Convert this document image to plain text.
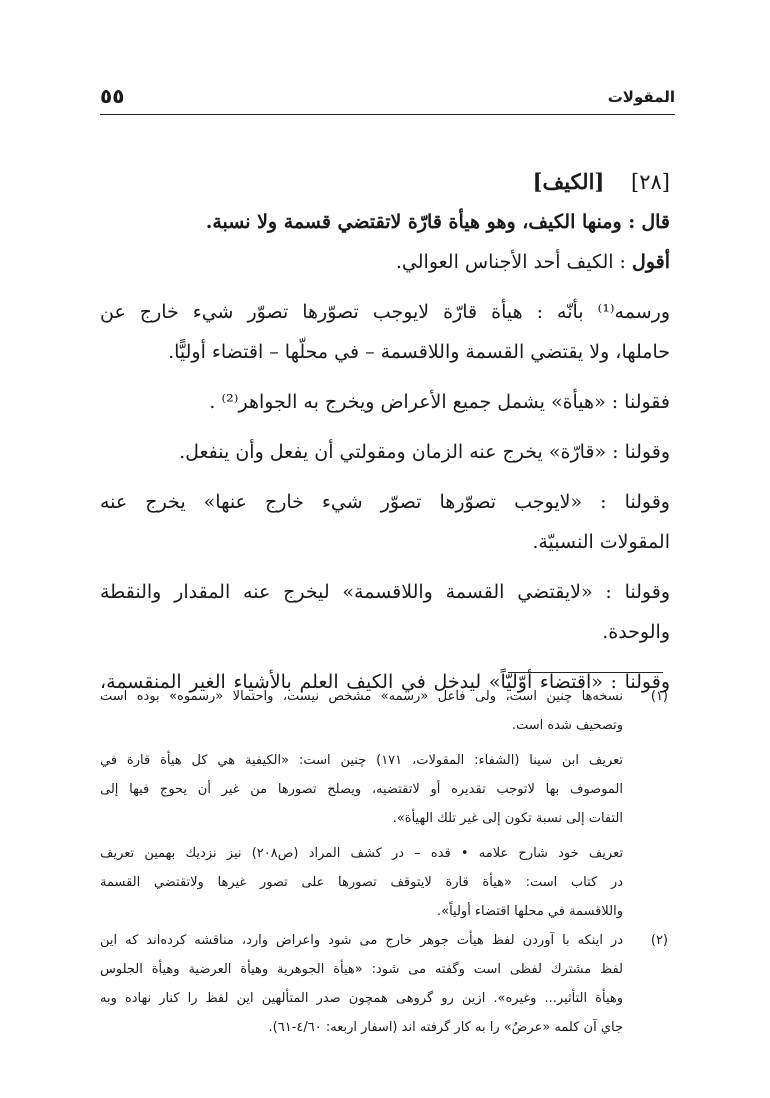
٥٥	المقولات
[٢٨] [الكيف]
قال : ومنها الكيف، وهو هيأة قارّة لاتقتضي قسمة ولا نسبة.
أقول : الكيف أحد الأجناس العوالي.
ورسمه⁽¹⁾ بأنّه : هيأة قارّة لايوجب تصوّرها تصوّر شيء خارج عن
حاملها، ولا يقتضي القسمة واللاقسمة – في محلّها – اقتضاء أوليًّا.
فقولنا : «هيأة» يشمل جميع الأعراض ويخرج به الجواهر⁽²⁾ .
وقولنا : «قارّة» يخرج عنه الزمان ومقولتي أن يفعل وأن ينفعل.
وقولنا : «لايوجب تصوّرها تصوّر شيء خارج عنها» يخرج عنه
المقولات النسبيّة.
وقولنا : «لايقتضي القسمة واللاقسمة» ليخرج عنه المقدار والنقطة
والوحدة.
وقولنا : «اقتضاء أوّليّاً» ليدخل في الكيف العلم بالأشياء الغير المنقسمة،
(١)نسخه‌ها چنين است، ولى فاعل «رسمه» مشخص نيست، واحتمالا «رسموه» بوده است
وتصحيف شده است.
تعريف ابن سينا (الشفاء: المقولات، ١٧١) چنين است: «الكيفية هي كل هيأة قارة في
الموصوف بها لاتوجب تقديره أو لاتقتضيه، ويصلح تصورها من غير أن يحوج فيها إلى
التفات إلى نسبة تكون إلى غير تلك الهيأة».
تعريف خود شارح علامه • قده – در كشف المراد (ص٢٠٨) نيز نزديك بهمين تعريف
در كتاب است: «هيأة قارة لايتوقف تصورها على تصور غيرها ولاتقتضي القسمة
واللاقسمة في محلها اقتضاء أولياً».
(٢)در اينكه با آوردن لفظ هيأت جوهر خارج مى شود واعراض وارد، مناقشه كرده‌اند كه اين
لفظ مشترك لفظى است وگفته مى شود: «هيأة الجوهرية وهيأة العرضية وهيأة الجلوس
وهيأة التأثير... وغيره». ازين رو گروهى همچون صدر المتألهين اين لفظ را كنار نهاده وبه
جاي آن كلمه «عرضٌ» را به كار گرفته اند (اسفار اربعه: ٤/٦٠-٦١).
